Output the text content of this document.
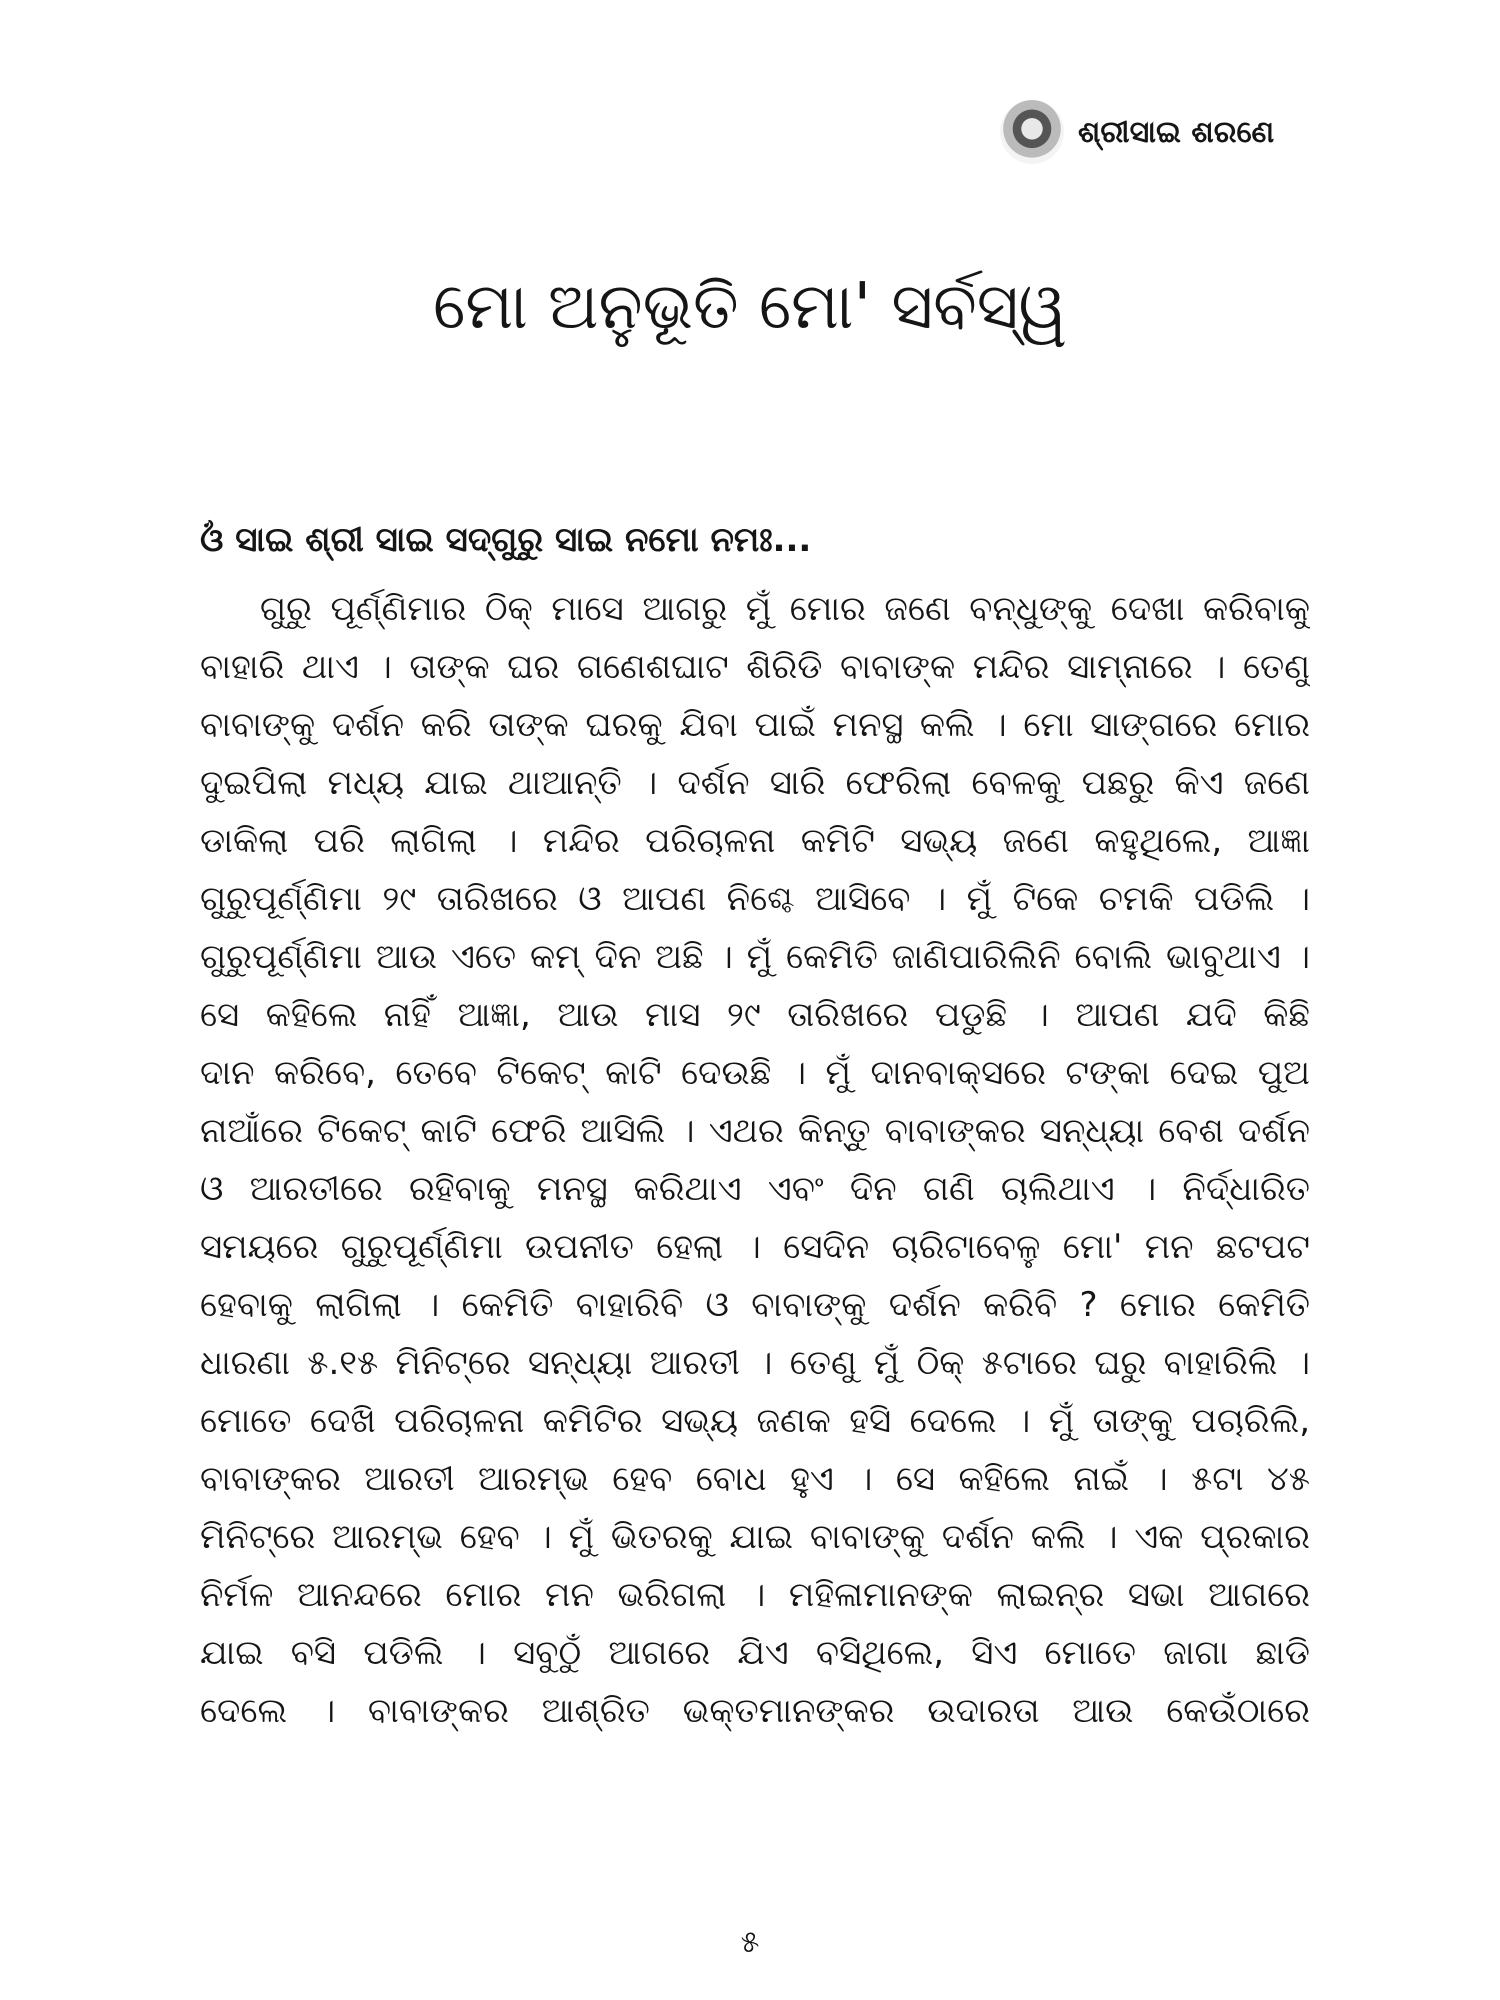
ଶ୍ରୀସାଇ ଶରଣେ
ମୋ ଅନୁଭୂତି ମୋ' ସର୍ବସ୍ୱ
ଓଁ ସାଇ ଶ୍ରୀ ସାଇ ସଦ୍‌ଗୁରୁ ସାଇ ନମୋ ନମଃ...
ଗୁରୁ ପୂର୍ଣ୍ଣିମାର ଠିକ୍ ମାସେ ଆଗରୁ ମୁଁ ମୋର ଜଣେ ବନ୍ଧୁଙ୍କୁ ଦେଖା କରିବାକୁ
ବାହାରି ଥାଏ । ତାଙ୍କ ଘର ଗଣେଶଘାଟ ଶିରିଡି ବାବାଙ୍କ ମନ୍ଦିର ସାମ୍ନାରେ । ତେଣୁ
ବାବାଙ୍କୁ ଦର୍ଶନ କରି ତାଙ୍କ ଘରକୁ ଯିବା ପାଇଁ ମନସ୍ଥ କଲି । ମୋ ସାଙ୍ଗରେ ମୋର
ଦୁଇପିଲା ମଧ୍ୟ ଯାଇ ଥାଆନ୍ତି । ଦର୍ଶନ ସାରି ଫେରିଲା ବେଳକୁ ପଛରୁ କିଏ ଜଣେ
ଡାକିଲା ପରି ଲାଗିଲା । ମନ୍ଦିର ପରିଚାଳନା କମିଟି ସଭ୍ୟ ଜଣେ କହୁଥିଲେ, ଆଜ୍ଞା
ଗୁରୁପୂର୍ଣ୍ଣିମା ୨୯ ତାରିଖରେ ଓ ଆପଣ ନିଶ୍ଚେ ଆସିବେ । ମୁଁ ଟିକେ ଚମକି ପଡିଲି ।
ଗୁରୁପୂର୍ଣ୍ଣିମା ଆଉ ଏତେ କମ୍ ଦିନ ଅଛି । ମୁଁ କେମିତି ଜାଣିପାରିଲିନି ବୋଲି ଭାବୁଥାଏ ।
ସେ କହିଲେ ନାହିଁ ଆଜ୍ଞା, ଆଉ ମାସ ୨୯ ତାରିଖରେ ପଡୁଛି । ଆପଣ ଯଦି କିଛି
ଦାନ କରିବେ, ତେବେ ଟିକେଟ୍ କାଟି ଦେଉଛି । ମୁଁ ଦାନବାକ୍ସରେ ଟଙ୍କା ଦେଇ ପୁଅ
ନାଆଁରେ ଟିକେଟ୍ କାଟି ଫେରି ଆସିଲି । ଏଥର କିନ୍ତୁ ବାବାଙ୍କର ସନ୍ଧ୍ୟା ବେଶ ଦର୍ଶନ
ଓ ଆରତୀରେ ରହିବାକୁ ମନସ୍ଥ କରିଥାଏ ଏବଂ ଦିନ ଗଣି ଚାଲିଥାଏ । ନିର୍ଦ୍ଧାରିତ
ସମୟରେ ଗୁରୁପୂର୍ଣ୍ଣିମା ଉପନୀତ ହେଲା । ସେଦିନ ଚାରିଟାବେଳୁ ମୋ' ମନ ଛଟପଟ
ହେବାକୁ ଲାଗିଲା । କେମିତି ବାହାରିବି ଓ ବାବାଙ୍କୁ ଦର୍ଶନ କରିବି ? ମୋର କେମିତି
ଧାରଣା ୫.୧୫ ମିନିଟ୍‌ରେ ସନ୍ଧ୍ୟା ଆରତୀ । ତେଣୁ ମୁଁ ଠିକ୍ ୫ଟାରେ ଘରୁ ବାହାରିଲି ।
ମୋତେ ଦେଖି ପରିଚାଳନା କମିଟିର ସଭ୍ୟ ଜଣକ ହସି ଦେଲେ । ମୁଁ ତାଙ୍କୁ ପଚାରିଲି,
ବାବାଙ୍କର ଆରତୀ ଆରମ୍ଭ ହେବ ବୋଧ ହୁଏ । ସେ କହିଲେ ନାଇଁ । ୫ଟା ୪୫
ମିନିଟ୍‌ରେ ଆରମ୍ଭ ହେବ । ମୁଁ ଭିତରକୁ ଯାଇ ବାବାଙ୍କୁ ଦର୍ଶନ କଲି । ଏକ ପ୍ରକାର
ନିର୍ମଳ ଆନନ୍ଦରେ ମୋର ମନ ଭରିଗଲା । ମହିଳାମାନଙ୍କ ଲାଇନ୍‌ର ସଭା ଆଗରେ
ଯାଇ ବସି ପଡିଲି । ସବୁଠୁଁ ଆଗରେ ଯିଏ ବସିଥିଲେ, ସିଏ ମୋତେ ଜାଗା ଛାଡି
ଦେଲେ । ବାବାଙ୍କର ଆଶ୍ରିତ ଭକ୍ତମାନଙ୍କର ଉଦାରତା ଆଉ କେଉଁଠାରେ
୫
